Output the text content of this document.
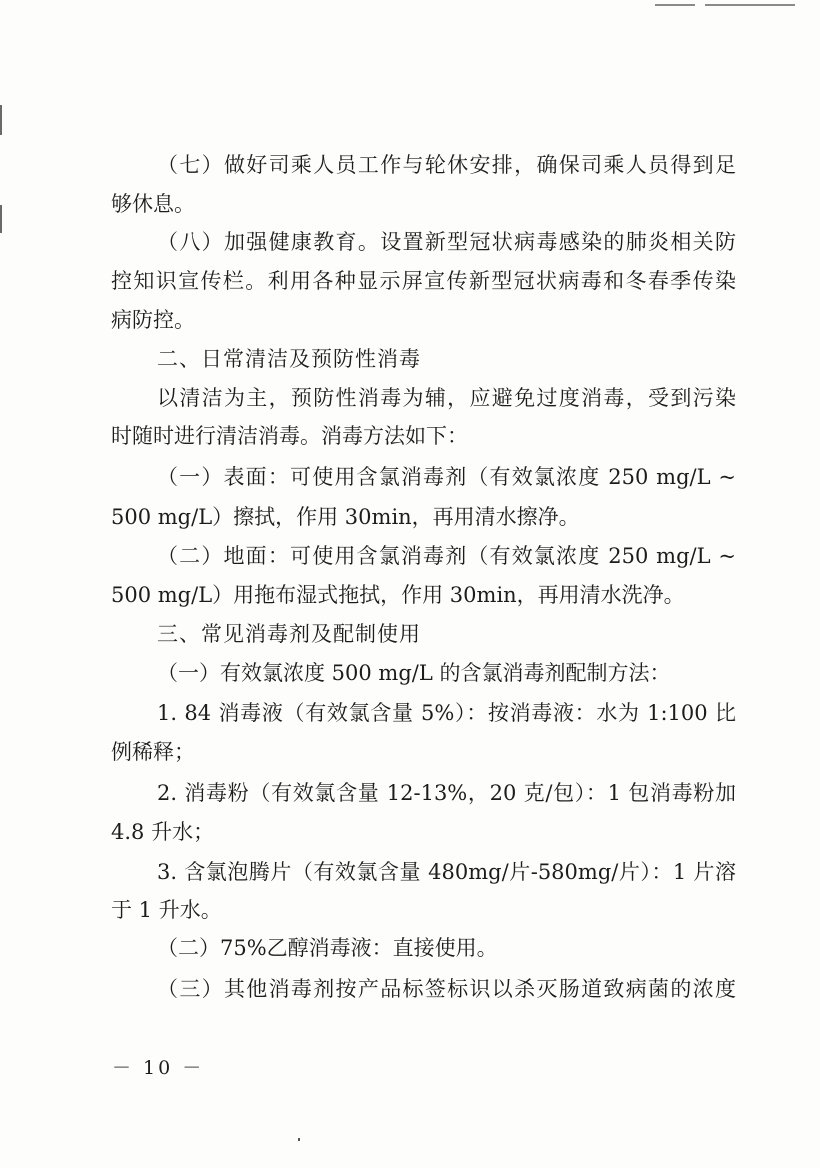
（七）做好司乘人员工作与轮休安排，确保司乘人员得到足
够休息。
（八）加强健康教育。设置新型冠状病毒感染的肺炎相关防
控知识宣传栏。利用各种显示屏宣传新型冠状病毒和冬春季传染
病防控。
二、日常清洁及预防性消毒
以清洁为主，预防性消毒为辅，应避免过度消毒，受到污染
时随时进行清洁消毒。消毒方法如下：
（一）表面：可使用含氯消毒剂（有效氯浓度 250 mg/L ~
500 mg/L）擦拭，作用 30min，再用清水擦净。
（二）地面：可使用含氯消毒剂（有效氯浓度 250 mg/L ~
500 mg/L）用拖布湿式拖拭，作用 30min，再用清水洗净。
三、常见消毒剂及配制使用
（一）有效氯浓度 500 mg/L 的含氯消毒剂配制方法：
1. 84 消毒液（有效氯含量 5%）：按消毒液：水为 1:100 比
例稀释；
2. 消毒粉（有效氯含量 12-13%，20 克/包）：1 包消毒粉加
4.8 升水；
3. 含氯泡腾片（有效氯含量 480mg/片-580mg/片）：1 片溶
于 1 升水。
（二）75%乙醇消毒液：直接使用。
（三）其他消毒剂按产品标签标识以杀灭肠道致病菌的浓度
－ 10 －
